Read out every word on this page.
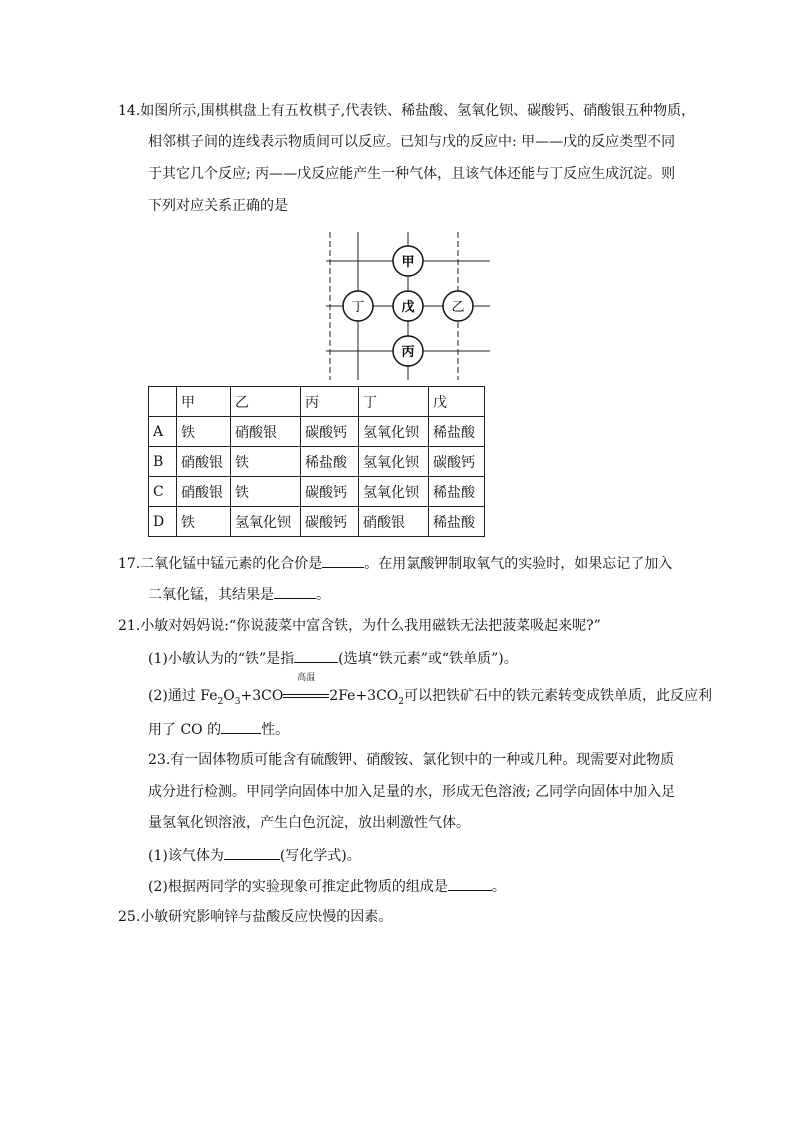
14.如图所示,围棋棋盘上有五枚棋子,代表铁、稀盐酸、氢氧化钡、碳酸钙、硝酸银五种物质，
相邻棋子间的连线表示物质间可以反应。已知与戊的反应中: 甲——戊的反应类型不同
于其它几个反应; 丙——戊反应能产生一种气体，且该气体还能与丁反应生成沉淀。则
下列对应关系正确的是
甲
丁	戊	乙
丙
	甲	乙	丙	丁	戊
A	铁	硝酸银	碳酸钙	氢氧化钡	稀盐酸
B	硝酸银	铁	稀盐酸	氢氧化钡	碳酸钙
C	硝酸银	铁	碳酸钙	氢氧化钡	稀盐酸
D	铁	氢氧化钡	碳酸钙	硝酸银	稀盐酸
17.二氧化锰中锰元素的化合价是	。在用氯酸钾制取氧气的实验时，如果忘记了加入
二氧化锰，其结果是	。
21.小敏对妈妈说:“你说菠菜中富含铁，为什么我用磁铁无法把菠菜吸起来呢?”
(1)小敏认为的“铁”是指	(选填“铁元素”或“铁单质”)。
(2)通过 $Fe_2O_3+3CO$
高温
$2Fe+3CO_2$可以把铁矿石中的铁元素转变成铁单质，此反应利
用了 CO 的	性。
23.有一固体物质可能含有硫酸钾、硝酸铵、氯化钡中的一种或几种。现需要对此物质
成分进行检测。甲同学向固体中加入足量的水，形成无色溶液; 乙同学向固体中加入足
量氢氧化钡溶液，产生白色沉淀，放出刺激性气体。
(1)该气体为	(写化学式)。
(2)根据两同学的实验现象可推定此物质的组成是	。
25.小敏研究影响锌与盐酸反应快慢的因素。
